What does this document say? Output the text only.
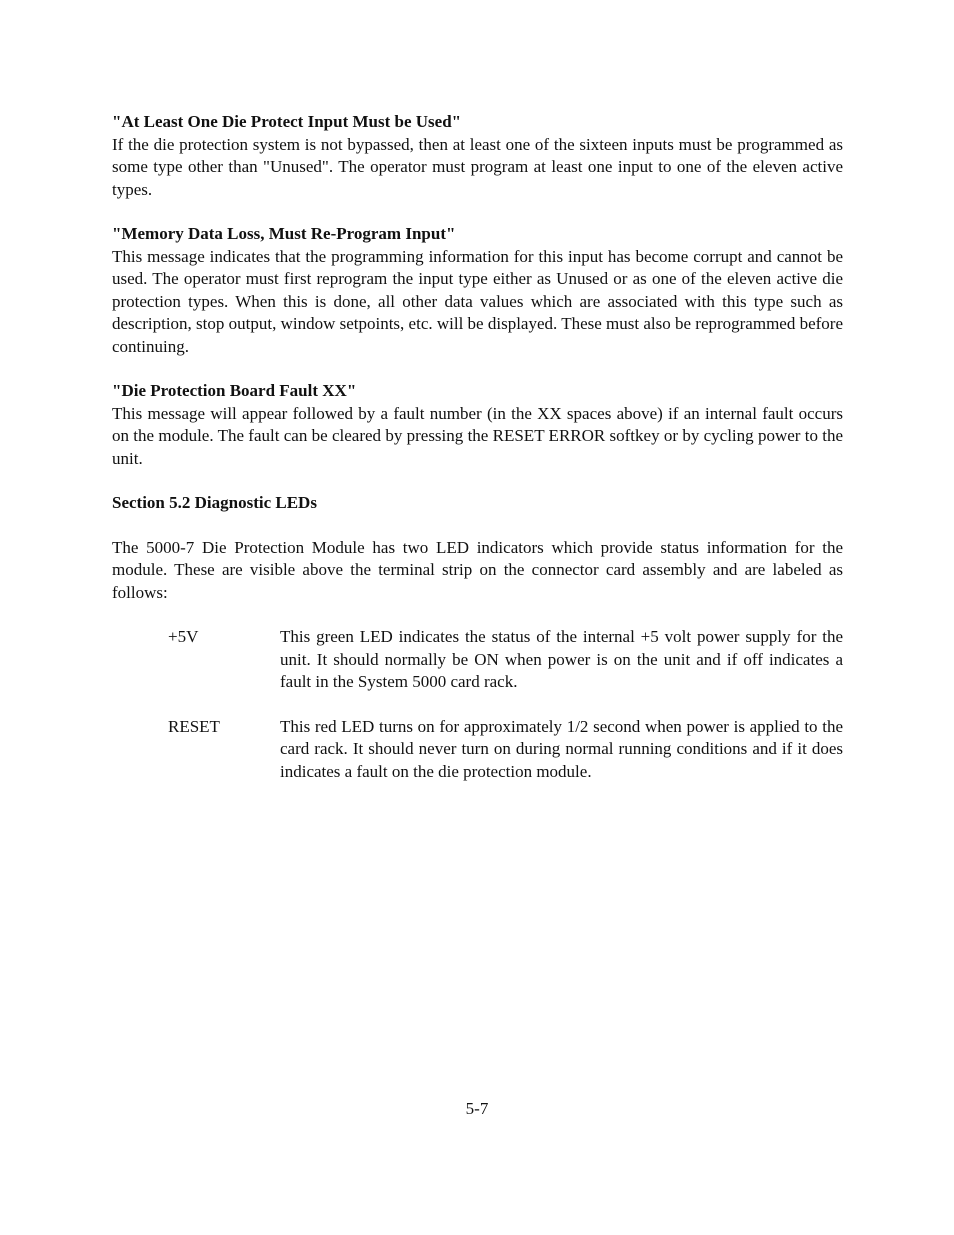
"At Least One Die Protect Input Must be Used"

If the die protection system is not bypassed, then at least one of the sixteen inputs must be programmed as some type other than "Unused". The operator must program at least one input to one of the eleven active types.

"Memory Data Loss, Must Re-Program Input"

This message indicates that the programming information for this input has become corrupt and cannot be used. The operator must first reprogram the input type either as Unused or as one of the eleven active die protection types. When this is done, all other data values which are associated with this type such as description, stop output, window setpoints, etc. will be displayed. These must also be reprogrammed before continuing.

"Die Protection Board Fault XX"

This message will appear followed by a fault number (in the XX spaces above) if an internal fault occurs on the module. The fault can be cleared by pressing the RESET ERROR softkey or by cycling power to the unit.

Section 5.2 Diagnostic LEDs

The 5000-7 Die Protection Module has two LED indicators which provide status information for the module. These are visible above the terminal strip on the connector card assembly and are labeled as follows:

+5V	This green LED indicates the status of the internal +5 volt power supply for the unit. It should normally be ON when power is on the unit and if off indicates a fault in the System 5000 card rack.
RESET	This red LED turns on for approximately 1/2 second when power is applied to the card rack. It should never turn on during normal running conditions and if it does indicates a fault on the die protection module.
5-7
